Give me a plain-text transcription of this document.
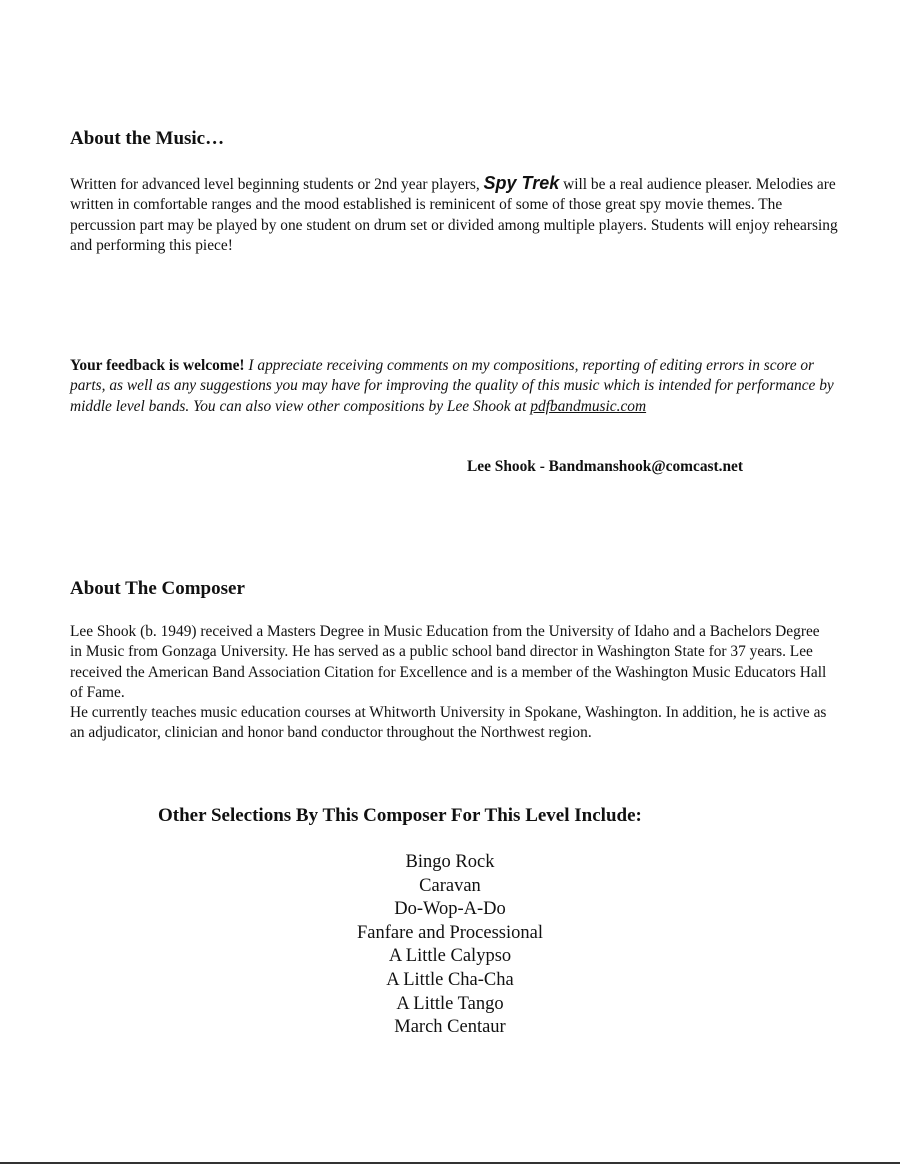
About the Music…

Written for advanced level beginning students or 2nd year players, Spy Trek will be a real audience pleaser. Melodies are written in comfortable ranges and the mood established is reminicent of some of those great spy movie themes. The percussion part may be played by one student on drum set or divided among multiple players. Students will enjoy rehearsing and performing this piece!

Your feedback is welcome! I appreciate receiving comments on my compositions, reporting of editing errors in score or parts, as well as any suggestions you may have for improving the quality of this music which is intended for performance by middle level bands. You can also view other compositions by Lee Shook at pdfbandmusic.com

Lee Shook - Bandmanshook@comcast.net

About The Composer

Lee Shook (b. 1949) received a Masters Degree in Music Education from the University of Idaho and a Bachelors Degree in Music from Gonzaga University. He has served as a public school band director in Washington State for 37 years. Lee received the American Band Association Citation for Excellence and is a member of the Washington Music Educators Hall of Fame.

He currently teaches music education courses at Whitworth University in Spokane, Washington. In addition, he is active as an adjudicator, clinician and honor band conductor throughout the Northwest region.

Other Selections By This Composer For This Level Include:
Bingo Rock
Caravan
Do-Wop-A-Do
Fanfare and Processional
A Little Calypso
A Little Cha-Cha
A Little Tango
March Centaur
